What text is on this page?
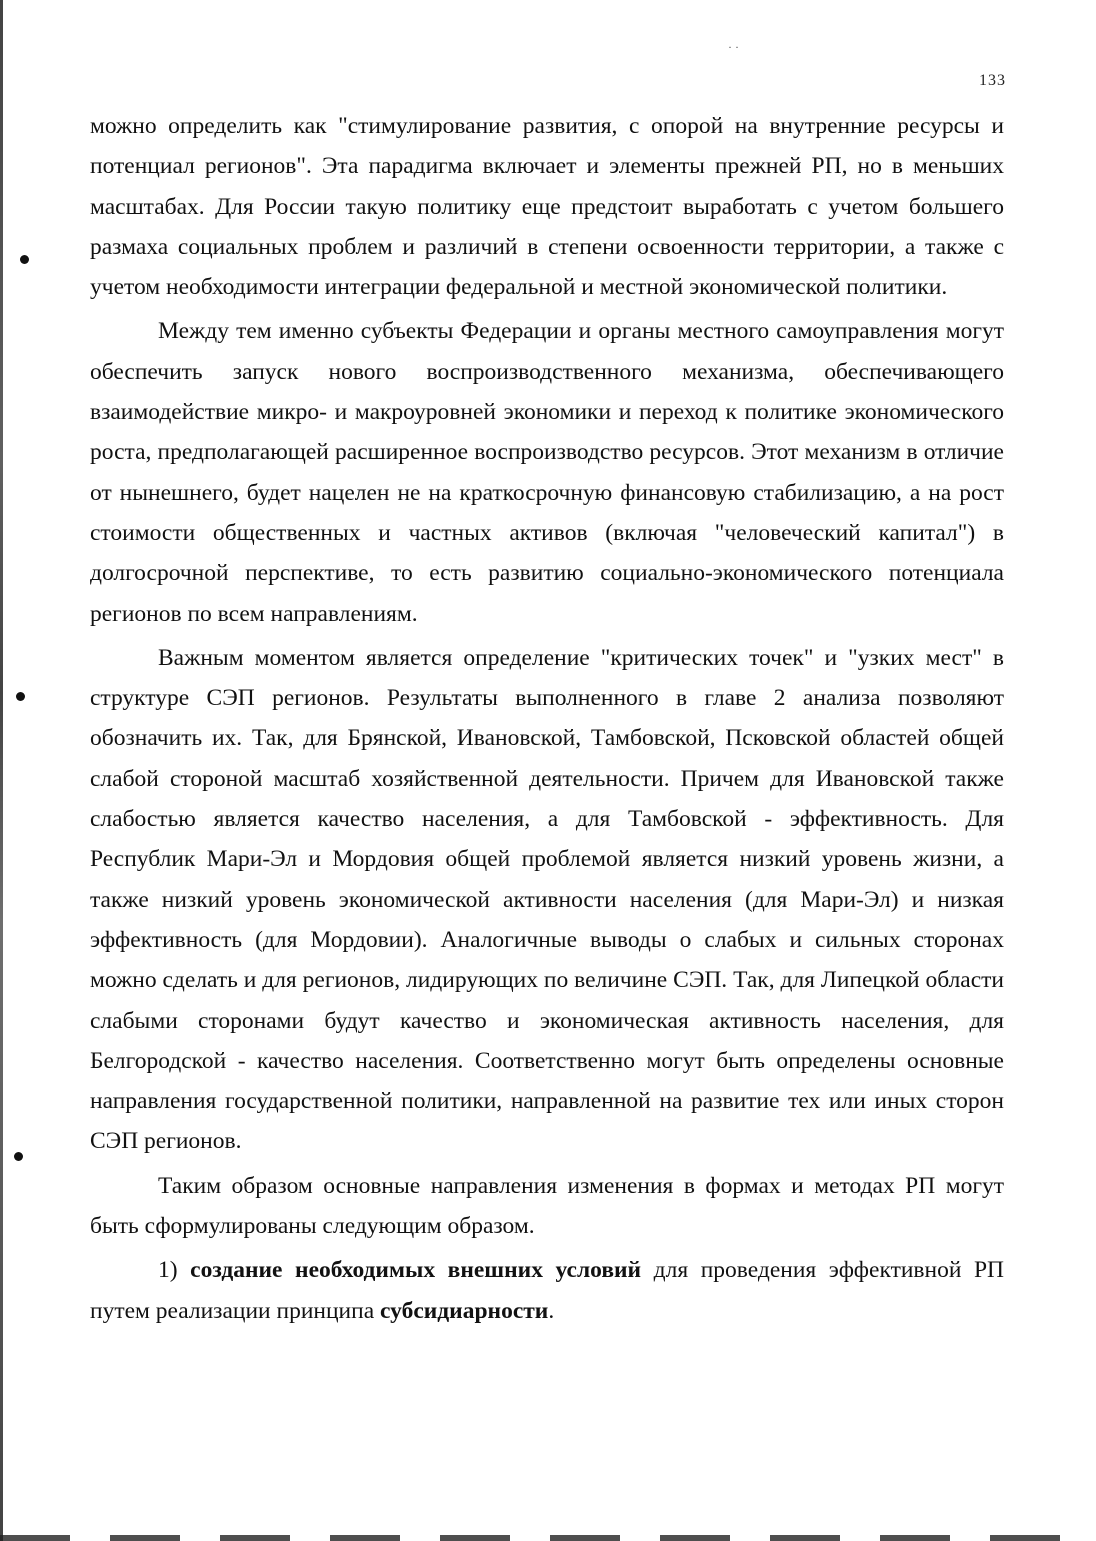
· ·
133

можно определить как "стимулирование развития, с опорой на внутренние ресурсы и потенциал регионов". Эта парадигма включает и элементы прежней РП, но в меньших масштабах. Для России такую политику еще предстоит выработать с учетом большего размаха социальных проблем и различий в степени освоенности территории, а также с учетом необходимости интеграции федеральной и местной экономической политики.

Между тем именно субъекты Федерации и органы местного самоуправления могут обеспечить запуск нового воспроизводственного механизма, обеспечивающего взаимодействие микро- и макроуровней экономики и переход к политике экономического роста, предполагающей расширенное воспроизводство ресурсов. Этот механизм в отличие от нынешнего, будет нацелен не на краткосрочную финансовую стабилизацию, а на рост стоимости общественных и частных активов (включая "человеческий капитал") в долгосрочной перспективе, то есть развитию социально-экономического потенциала регионов по всем направлениям.

Важным моментом является определение "критических точек" и "узких мест" в структуре СЭП регионов. Результаты выполненного в главе 2 анализа позволяют обозначить их. Так, для Брянской, Ивановской, Тамбовской, Псковской областей общей слабой стороной масштаб хозяйственной деятельности. Причем для Ивановской также слабостью является качество населения, а для Тамбовской - эффективность. Для Республик Мари-Эл и Мордовия общей проблемой является низкий уровень жизни, а также низкий уровень экономической активности населения (для Мари-Эл) и низкая эффективность (для Мордовии). Аналогичные выводы о слабых и сильных сторонах можно сделать и для регионов, лидирующих по величине СЭП. Так, для Липецкой области слабыми сторонами будут качество и экономическая активность населения, для Белгородской - качество населения. Соответственно могут быть определены основные направления государственной политики, направленной на развитие тех или иных сторон СЭП регионов.

Таким образом основные направления изменения в формах и методах РП могут быть сформулированы следующим образом.

1) создание необходимых внешних условий для проведения эффективной РП путем реализации принципа субсидиарности.
